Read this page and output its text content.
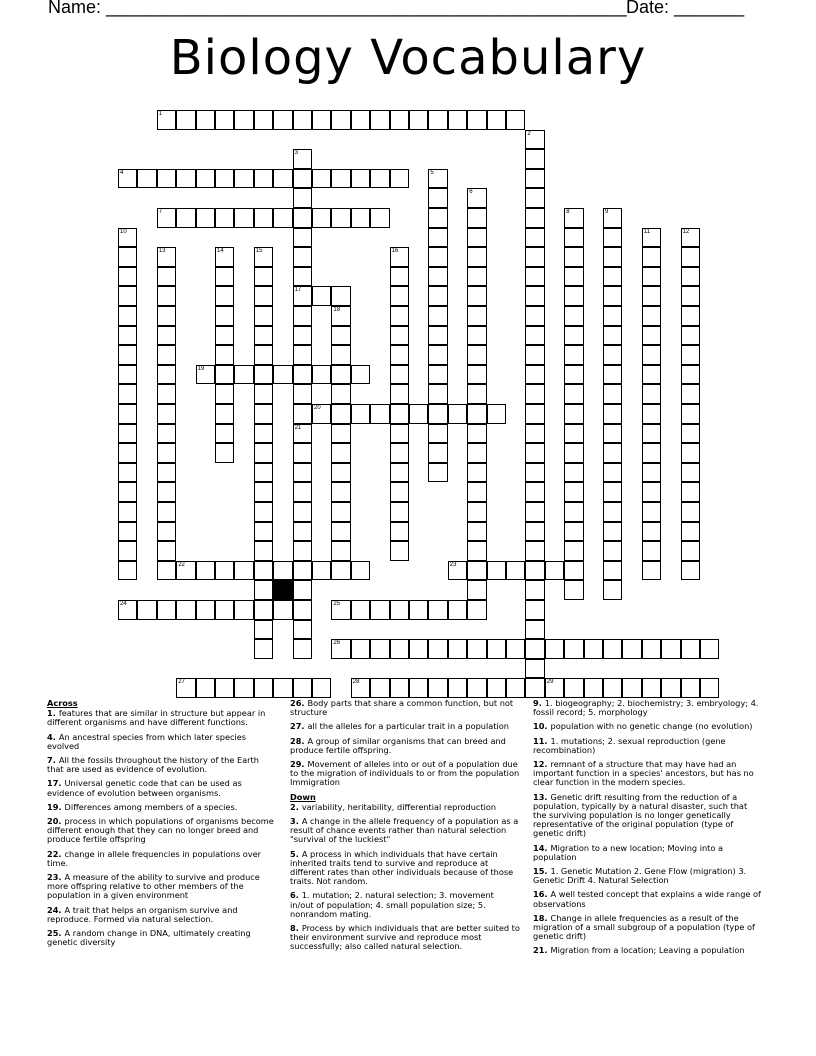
Name: ____________________________________________________ Date: _______
Biology Vocabulary
1
2
3
17
21
4	5
6
7	8	9
10	11	12
13	14	15	16
18
19
20
22	23
24	25
26
27	28	29
Across
1. features that are similar in structure but appear in different organisms and have different functions.
4. An ancestral species from which later species evolved
7. All the fossils throughout the history of the Earth that are used as evidence of evolution.
17. Universal genetic code that can be used as evidence of evolution between organisms.
19. Differences among members of a species.
20. process in which populations of organisms become different enough that they can no longer breed and produce fertile offspring
22. change in allele frequencies in populations over time.
23. A measure of the ability to survive and produce more offspring relative to other members of the population in a given environment
24. A trait that helps an organism survive and reproduce. Formed via natural selection.
25. A random change in DNA, ultimately creating genetic diversity
26. Body parts that share a common function, but not structure
27. all the alleles for a particular trait in a population
28. A group of similar organisms that can breed and produce fertile offspring.
29. Movement of alleles into or out of a population due to the migration of individuals to or from the population Immigration
Down
2. variability, heritability, differential reproduction
3. A change in the allele frequency of a population as a result of chance events rather than natural selection "survival of the luckiest"
5. A process in which individuals that have certain inherited traits tend to survive and reproduce at different rates than other individuals because of those traits. Not random.
6. 1. mutation; 2. natural selection; 3. movement in/out of population; 4. small population size; 5. nonrandom mating.
8. Process by which individuals that are better suited to their environment survive and reproduce most successfully; also called natural selection.
9. 1. biogeography; 2. biochemistry; 3. embryology; 4. fossil record; 5. morphology
10. population with no genetic change (no evolution)
11. 1. mutations; 2. sexual reproduction (gene recombination)
12. remnant of a structure that may have had an important function in a species' ancestors, but has no clear function in the modern species.
13. Genetic drift resulting from the reduction of a population, typically by a natural disaster, such that the surviving population is no longer genetically representative of the original population (type of genetic drift)
14. Migration to a new location; Moving into a population
15. 1. Genetic Mutation 2. Gene Flow (migration) 3. Genetic Drift 4. Natural Selection
16. A well tested concept that explains a wide range of observations
18. Change in allele frequencies as a result of the migration of a small subgroup of a population (type of genetic drift)
21. Migration from a location; Leaving a population
